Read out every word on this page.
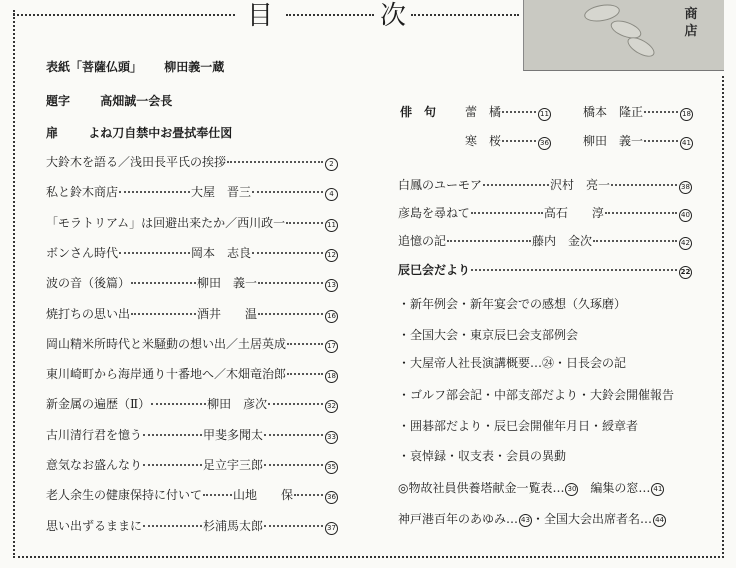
目	次	商店
表紙「菩薩仏頭」 柳田義一蔵
題字	高畑誠一会長
扉	よね刀自禁中お畳拭奉仕図
大鈴木を語る／浅田長平氏の挨拶	2
私と鈴木商店	大屋　晋三	4
「モラトリアム」は回避出来たか／西川政一	11
ボンさん時代	岡本　志良	12
波の音（後篇）	柳田　義一	13
焼打ちの思い出	酒井　　温	16
岡山精米所時代と米騒動の想い出／土居英成	17
東川崎町から海岸通り十番地へ／木畑竜治郎	18
新金属の遍歴（Ⅱ）	柳田　彦次	32
古川清行君を憶う	甲斐多聞太	33
意気なお盛んなり	足立宇三郎	35
老人余生の健康保持に付いて	山地　　保	36
思い出ずるままに	杉浦馬太郎	37
俳　句 蕾　橘	11	橋本　隆正	18
寒　桜	36	柳田　義一	41
白鳳のユーモア	沢村　亮一	38
彦島を尋ねて	高石　　淳	40
追憶の記	藤内　金次	42
辰巳会だより	22
・新年例会・新年宴会での感想（久琢磨）
・全国大会・東京辰巳会支部例会
・大屋帝人社長演講概要…㉔・日長会の記
・ゴルフ部会記・中部支部だより・大鈴会開催報告
・囲碁部だより・辰巳会開催年月日・綬章者
・哀悼録・収支表・会員の異動
◎物故社員供養塔献金一覧表… 30 編集の窓… 41
神戸港百年のあゆみ… 43 ・全国大会出席者名… 44
